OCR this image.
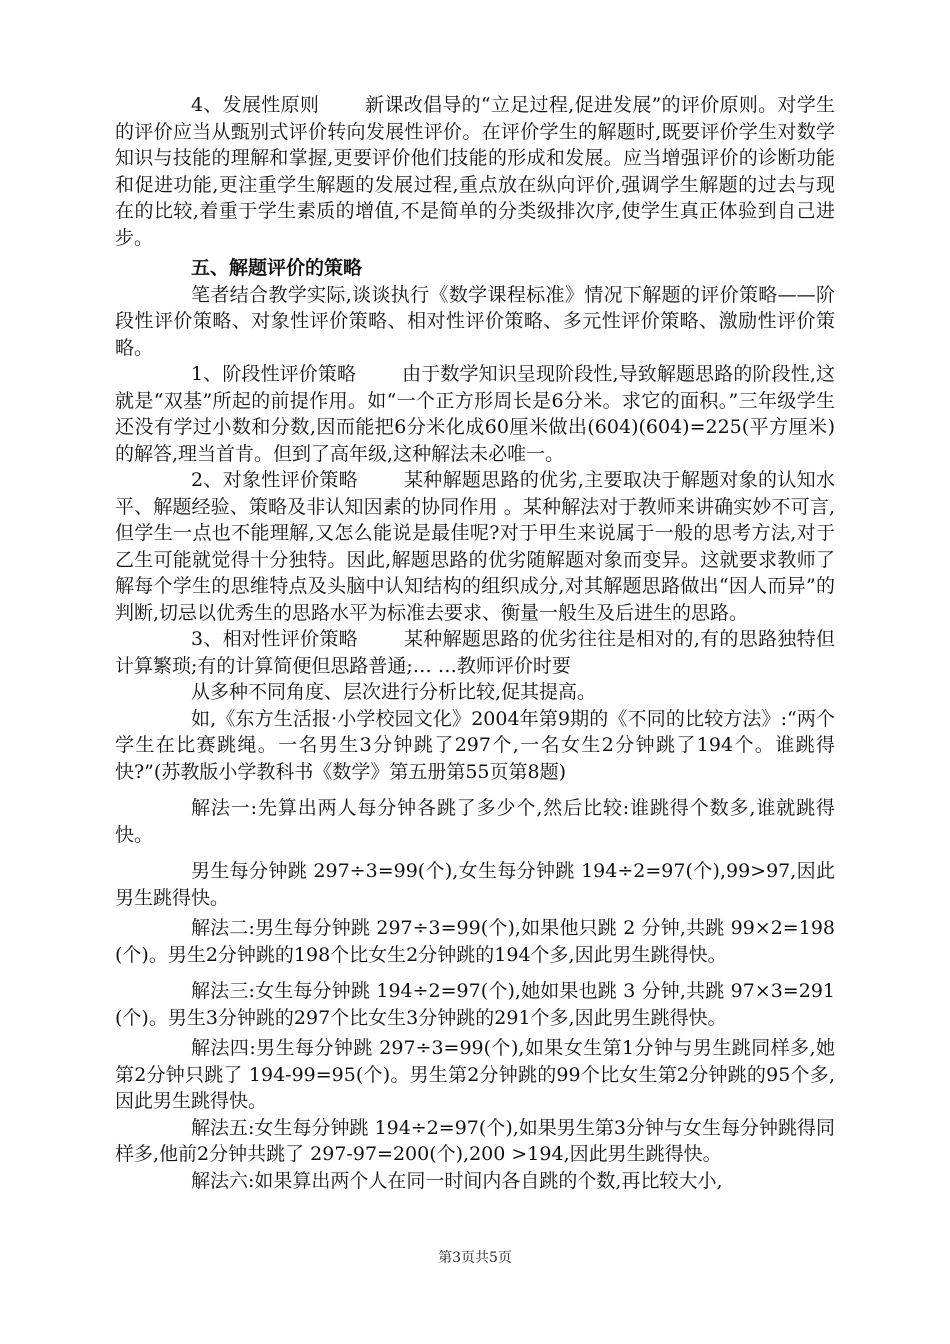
4、发展性原则 新课改倡导的“立足过程,促进发展”的评价原则。对学生的评价应当从甄别式评价转向发展性评价。在评价学生的解题时,既要评价学生对数学知识与技能的理解和掌握,更要评价他们技能的形成和发展。应当增强评价的诊断功能和促进功能,更注重学生解题的发展过程,重点放在纵向评价,强调学生解题的过去与现在的比较,着重于学生素质的增值,不是简单的分类级排次序,使学生真正体验到自己进步。

五、解题评价的策略

笔者结合教学实际,谈谈执行《数学课程标准》情况下解题的评价策略——阶段性评价策略、对象性评价策略、相对性评价策略、多元性评价策略、激励性评价策略。

1、阶段性评价策略 由于数学知识呈现阶段性,导致解题思路的阶段性,这就是“双基”所起的前提作用。如“一个正方形周长是6分米。求它的面积。”三年级学生还没有学过小数和分数,因而能把6分米化成60厘米做出(604)(604)=225(平方厘米)的解答,理当首肯。但到了高年级,这种解法未必唯一。

2、对象性评价策略 某种解题思路的优劣,主要取决于解题对象的认知水平、解题经验、策略及非认知因素的协同作用 。某种解法对于教师来讲确实妙不可言,但学生一点也不能理解,又怎么能说是最佳呢?对于甲生来说属于一般的思考方法,对于乙生可能就觉得十分独特。因此,解题思路的优劣随解题对象而变异。这就要求教师了解每个学生的思维特点及头脑中认知结构的组织成分,对其解题思路做出“因人而异”的判断,切忌以优秀生的思路水平为标准去要求、衡量一般生及后进生的思路。

3、相对性评价策略 某种解题思路的优劣往往是相对的,有的思路独特但计算繁琐;有的计算简便但思路普通;… …教师评价时要

从多种不同角度、层次进行分析比较,促其提高。

如,《东方生活报·小学校园文化》2004年第9期的《不同的比较方法》:“两个学生在比赛跳绳。一名男生3分钟跳了297个,一名女生2分钟跳了194个。谁跳得快?”(苏教版小学教科书《数学》第五册第55页第8题)

解法一:先算出两人每分钟各跳了多少个,然后比较:谁跳得个数多,谁就跳得快。

男生每分钟跳 297÷3=99(个),女生每分钟跳 194÷2=97(个),99>97,因此男生跳得快。

解法二:男生每分钟跳 297÷3=99(个),如果他只跳 2 分钟,共跳 99×2=198(个)。男生2分钟跳的198个比女生2分钟跳的194个多,因此男生跳得快。

解法三:女生每分钟跳 194÷2=97(个),她如果也跳 3 分钟,共跳 97×3=291(个)。男生3分钟跳的297个比女生3分钟跳的291个多,因此男生跳得快。

解法四:男生每分钟跳 297÷3=99(个),如果女生第1分钟与男生跳同样多,她第2分钟只跳了 194-99=95(个)。男生第2分钟跳的99个比女生第2分钟跳的95个多,因此男生跳得快。

解法五:女生每分钟跳 194÷2=97(个),如果男生第3分钟与女生每分钟跳得同样多,他前2分钟共跳了 297-97=200(个),200 >194,因此男生跳得快。

解法六:如果算出两个人在同一时间内各自跳的个数,再比较大小,

第3页共5页
